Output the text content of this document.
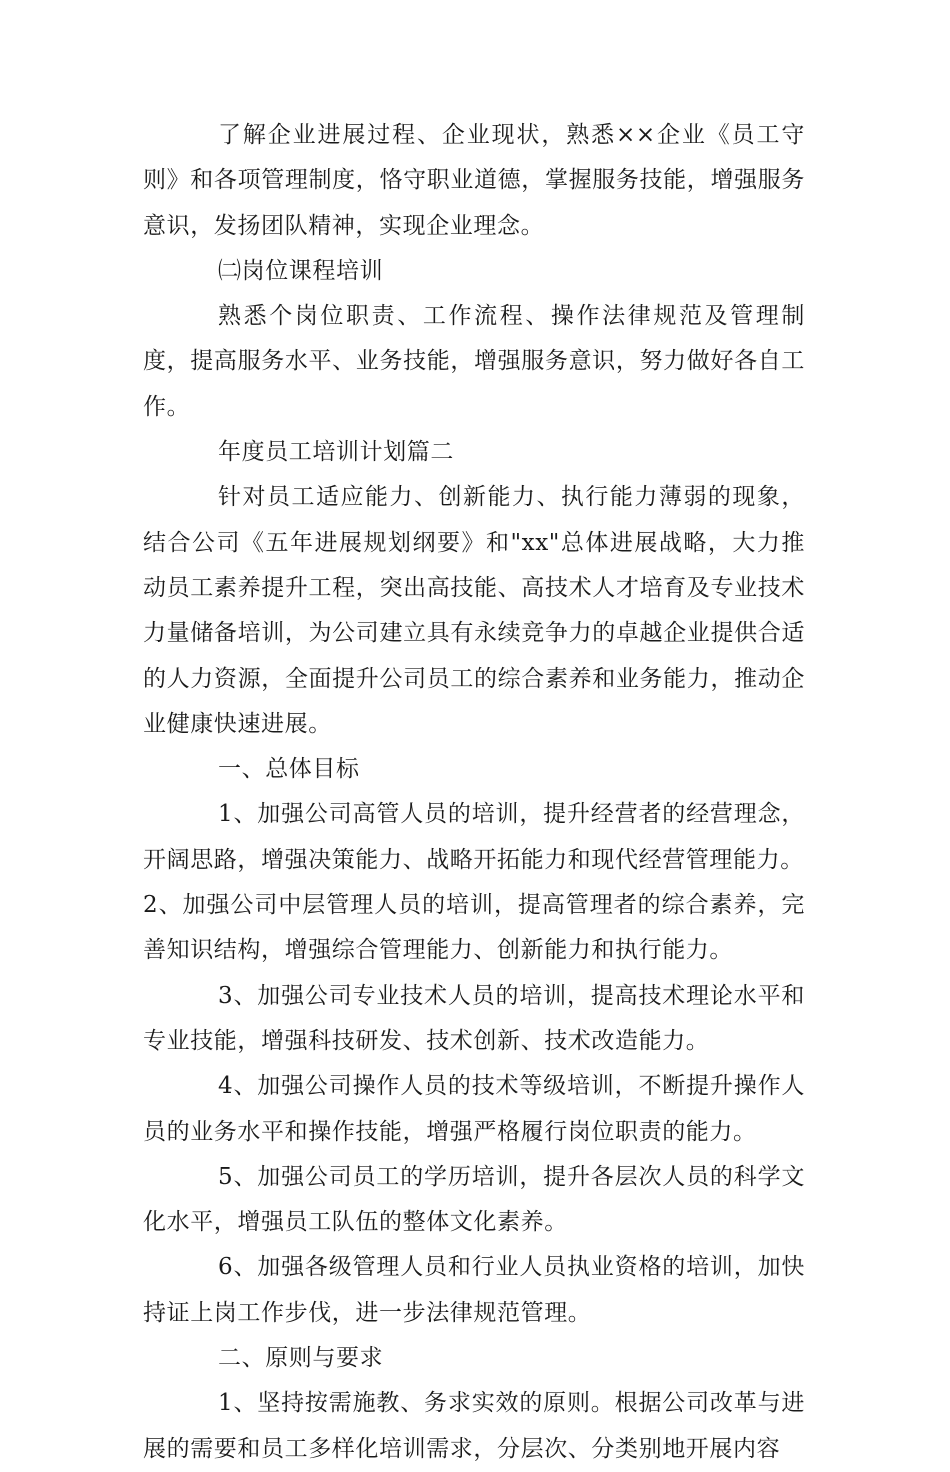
了解企业进展过程、企业现状，熟悉××企业《员工守则》和各项管理制度，恪守职业道德，掌握服务技能，增强服务意识，发扬团队精神，实现企业理念。

㈡岗位课程培训

熟悉个岗位职责、工作流程、操作法律规范及管理制度，提高服务水平、业务技能，增强服务意识，努力做好各自工作。

年度员工培训计划篇二

针对员工适应能力、创新能力、执行能力薄弱的现象，结合公司《五年进展规划纲要》和"xx"总体进展战略，大力推动员工素养提升工程，突出高技能、高技术人才培育及专业技术力量储备培训，为公司建立具有永续竞争力的卓越企业提供合适的人力资源，全面提升公司员工的综合素养和业务能力，推动企业健康快速进展。

一、总体目标

1、加强公司高管人员的培训，提升经营者的经营理念，开阔思路，增强决策能力、战略开拓能力和现代经营管理能力。

2、加强公司中层管理人员的培训，提高管理者的综合素养，完善知识结构，增强综合管理能力、创新能力和执行能力。

3、加强公司专业技术人员的培训，提高技术理论水平和专业技能，增强科技研发、技术创新、技术改造能力。

4、加强公司操作人员的技术等级培训，不断提升操作人员的业务水平和操作技能，增强严格履行岗位职责的能力。

5、加强公司员工的学历培训，提升各层次人员的科学文化水平，增强员工队伍的整体文化素养。

6、加强各级管理人员和行业人员执业资格的培训，加快持证上岗工作步伐，进一步法律规范管理。

二、原则与要求

1、坚持按需施教、务求实效的原则。根据公司改革与进展的需要和员工多样化培训需求，分层次、分类别地开展内容
